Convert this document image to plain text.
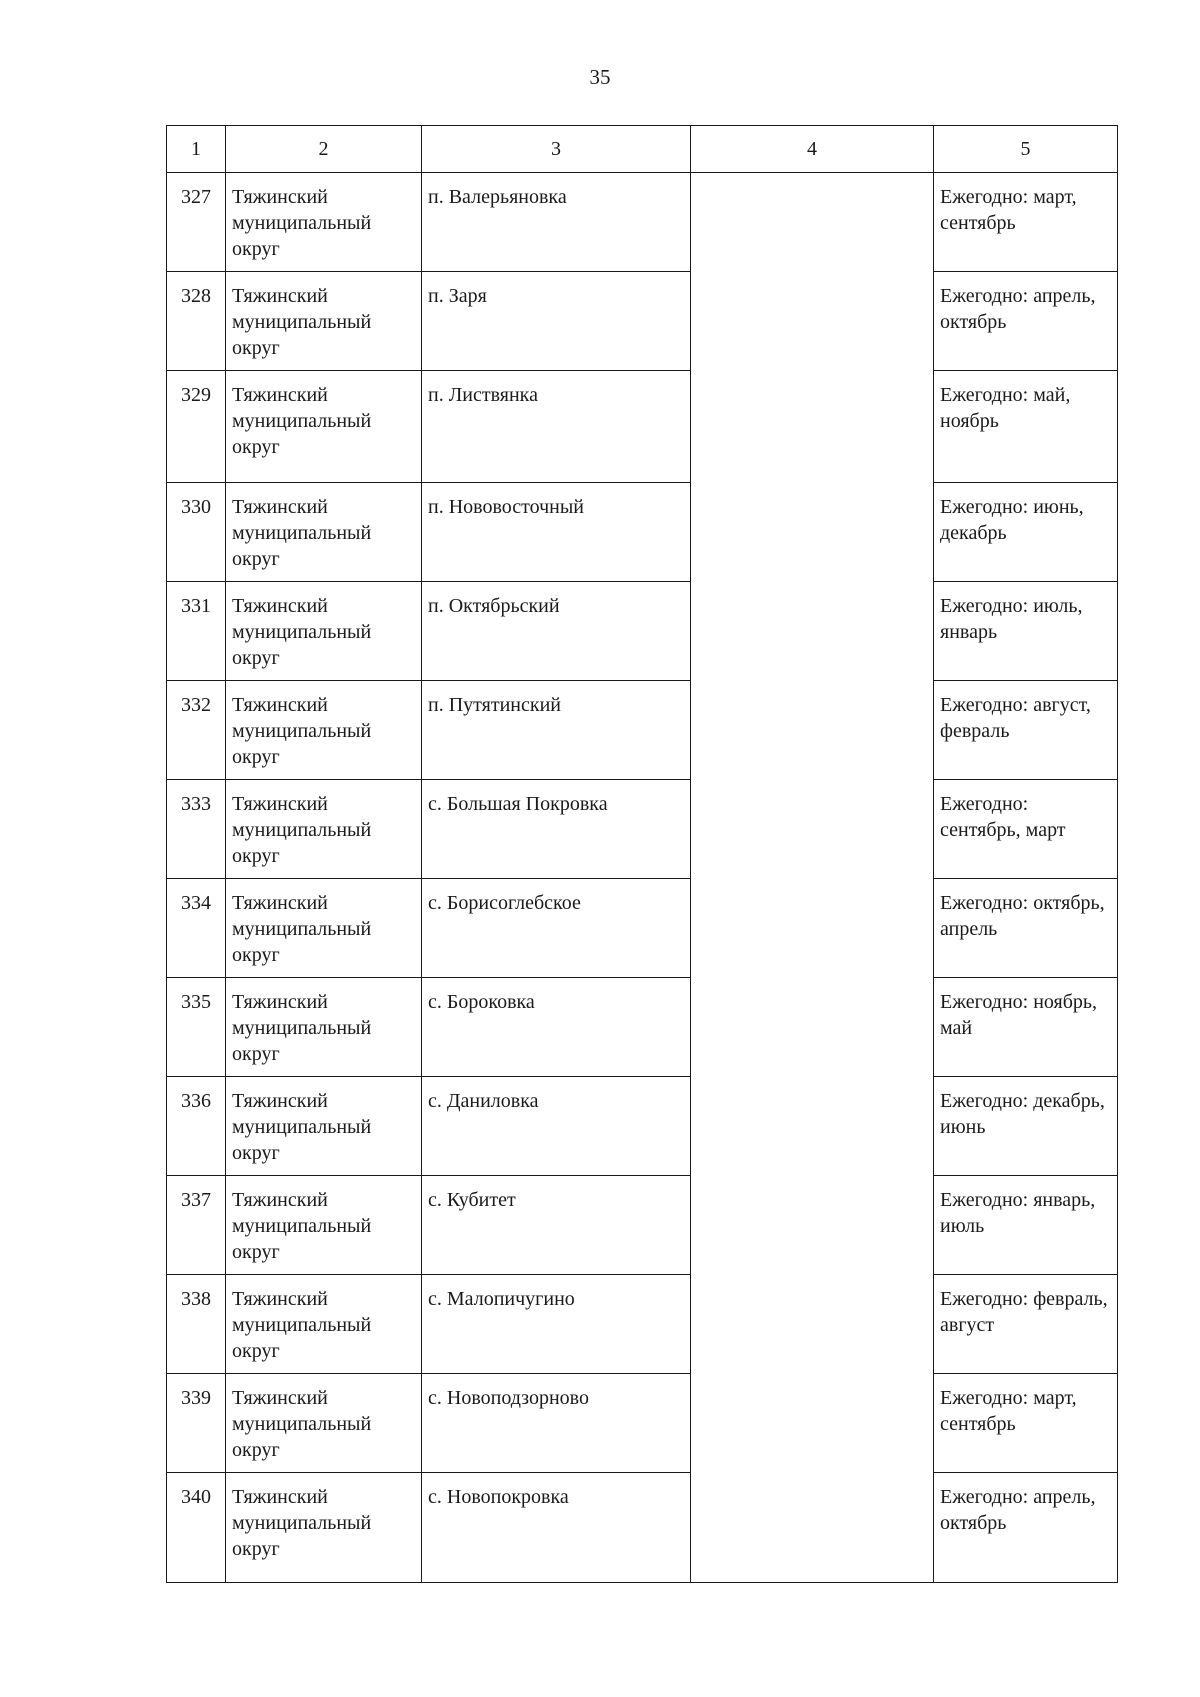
35
1	2	3	4	5
327	Тяжинский муниципальный округ	п. Валерьяновка		Ежегодно: март, сентябрь
328	Тяжинский муниципальный округ	п. Заря		Ежегодно: апрель, октябрь
329	Тяжинский муниципальный округ	п. Листвянка		Ежегодно: май, ноябрь
330	Тяжинский муниципальный округ	п. Нововосточный		Ежегодно: июнь, декабрь
331	Тяжинский муниципальный округ	п. Октябрьский		Ежегодно: июль, январь
332	Тяжинский муниципальный округ	п. Путятинский		Ежегодно: август, февраль
333	Тяжинский муниципальный округ	с. Большая Покровка		Ежегодно: сентябрь, март
334	Тяжинский муниципальный округ	с. Борисоглебское		Ежегодно: октябрь, апрель
335	Тяжинский муниципальный округ	с. Бороковка		Ежегодно: ноябрь, май
336	Тяжинский муниципальный округ	с. Даниловка		Ежегодно: декабрь, июнь
337	Тяжинский муниципальный округ	с. Кубитет		Ежегодно: январь, июль
338	Тяжинский муниципальный округ	с. Малопичугино		Ежегодно: февраль, август
339	Тяжинский муниципальный округ	с. Новоподзорново		Ежегодно: март, сентябрь
340	Тяжинский муниципальный округ	с. Новопокровка		Ежегодно: апрель, октябрь
